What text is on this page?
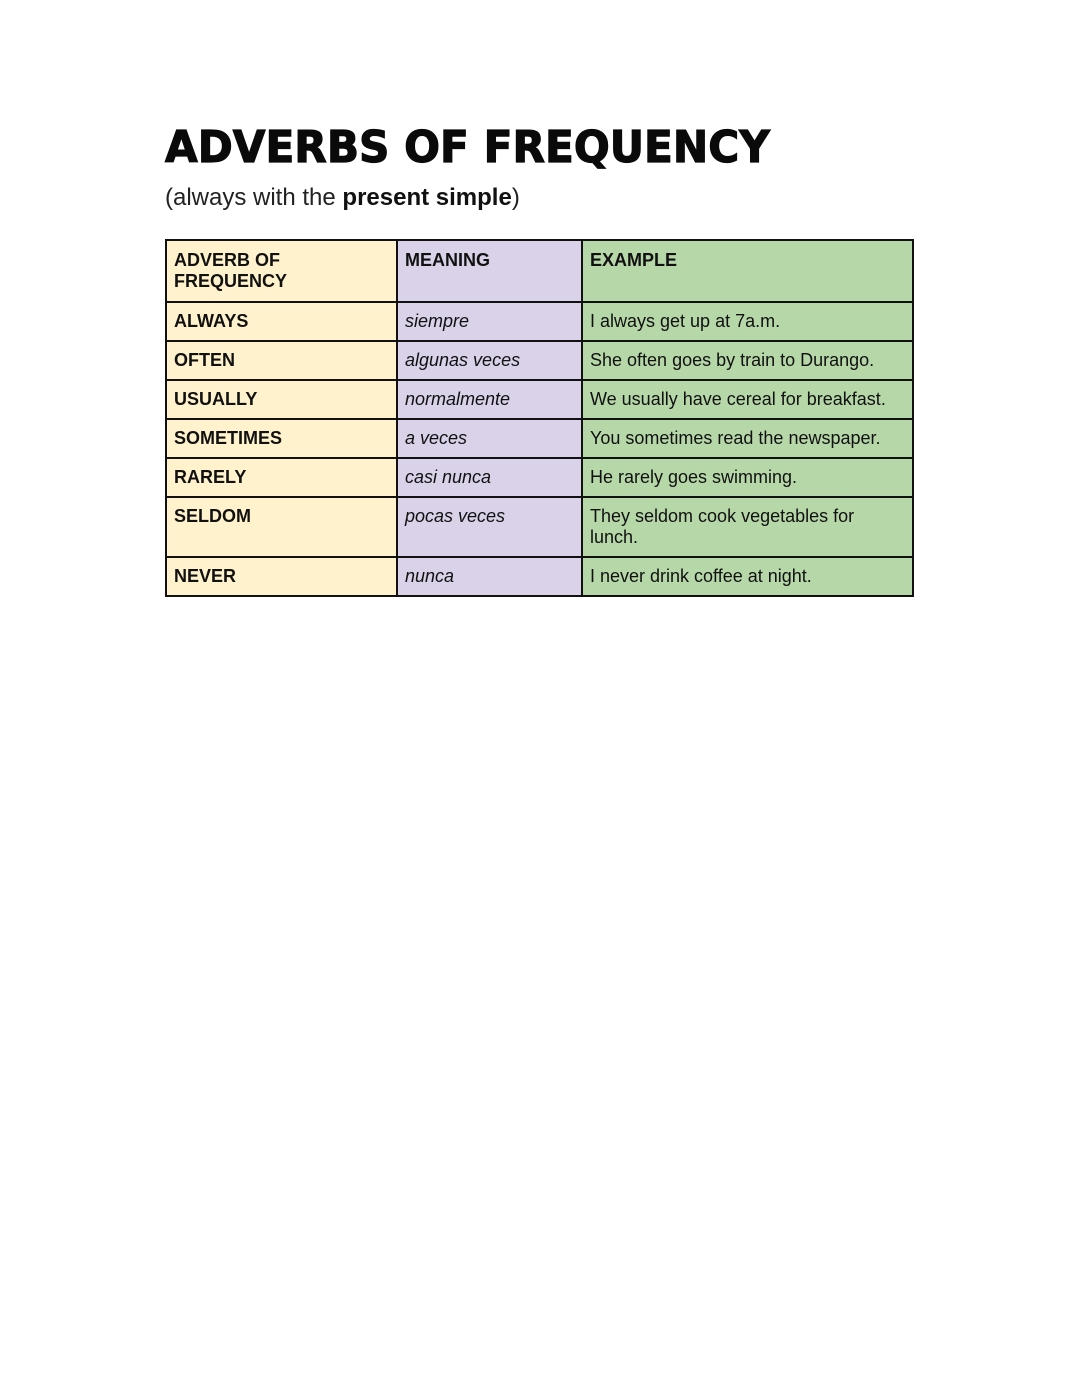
ADVERBS OF FREQUENCY

(always with the present simple)

ADVERB OF FREQUENCY	MEANING	EXAMPLE
ALWAYS	siempre	I always get up at 7a.m.
OFTEN	algunas veces	She often goes by train to Durango.
USUALLY	normalmente	We usually have cereal for breakfast.
SOMETIMES	a veces	You sometimes read the newspaper.
RARELY	casi nunca	He rarely goes swimming.
SELDOM	pocas veces	They seldom cook vegetables for lunch.
NEVER	nunca	I never drink coffee at night.
